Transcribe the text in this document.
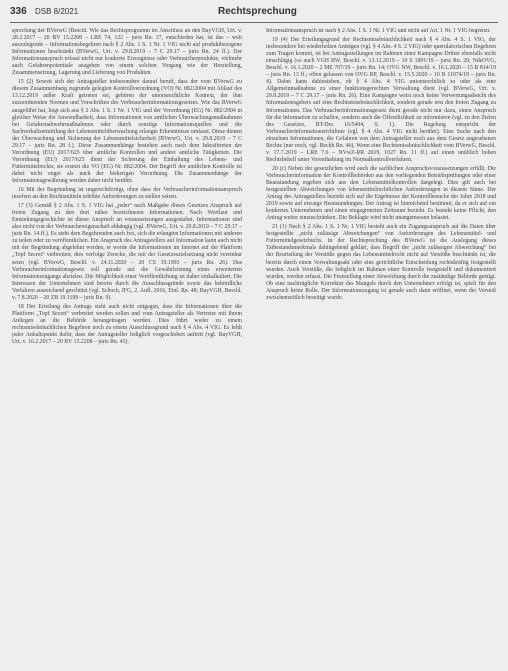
336 DSB 8/2021	Rechtsprechung

sprechung der BVerwG (Beschl. Wie das Rechtsprogramm im Anschluss an den BayVGH, Urt. v. 28.2.2017 – 20 BV 15.2208 – LRE 74, 122 – juris Rn. 37, entschieden hat, ist das – weit auszulegende – Informationsbegehren nach § 2 Abs. 1 S. 1 Nr. 1 VIG nicht auf produktbezogene Informationen beschränkt (BVerwG, Urt. v. 29.8.2019 – 7 C 29.17 – juris Rn. 24 ff.). Der Informationsanspruch erfasst nicht nur konkrete Erzeugnisse oder Verbraucherprodukte, vielmehr auch Gefahrenpotentiale ausgehen von einem solchen Vorgang wie der Herstellung, Zusammensetzung, Lagerung und Lieferung von Produkten.

15 (2) Soweit sich der Antragsteller insbesondere darauf beruft, dass der vom BVerwG zu diesem Zusammenhang zugrunde gelegten Kontrollverordnung (VO) Nr. 882/2004 mit Ablauf des 13.12.2019 außer Kraft getreten sei, gehören der unionsrechtliche Kontext, der ihm zuzuordnenden Normen und Vorschriften des Verbraucherinformationsgesetzes. Wie das BVerwG ausgeführt hat, liegt sich aus § 2 Abs. 1 S. 1 Nr. 1 VIG und der Verordnung (EG) Nr. 882/2004 in gleicher Weise die Anwendbarkeit, dass Informationen von amtlichen Überwachungsmaßnahmen bei Gefahrenabwehrmaßnahmen oder durch sonstige Informationsquellen und die Sachverhaltsermittlung der Lebensmittelüberwachung erlangte Erkenntnisse umfasst. Diese dienen der Überwachung und Sicherung der Lebensmittelsicherheit (BVerwG, Urt. v. 29.8.2019 – 7 C 29.17 – juris Rn. 28 f.). Diese Zusammenhänge bestehen auch nach dem Inkrafttreten der Verordnung (EU) 2017/625 über amtliche Kontrollen und andere amtliche Tätigkeiten. Die Verordnung (EU) 2017/625 dient der Sicherung der Einhaltung des Lebens- und Futtermittelrechts; sie ersetzt die VO (EG) Nr. 882/2004. Der Begriff der amtlichen Kontrolle ist dabei nicht enger als nach der bisherigen Verordnung. Die Zusammenhänge der Informationsgewährung werden daher nicht berührt.

16 Mit der Begründung ist ungerechtfertigt, ohne dass der Verbraucherinformationsanspruch insofern an den Rechtsmitteln erhöhte Anforderungen zu stellen wären.

17 (3) Gemäß § 2 Abs. 1 S. 1 VIG hat „jeder“ nach Maßgabe dieses Gesetzes Anspruch auf freien Zugang zu den dort näher bezeichneten Informationen. Nach Wortlaut und Entstehungsgeschichte ist dieser Anspruch an voraussetzungen ausgestaltet. Informationen sind also nicht von der Verbrauchereigenschaft abhängig (vgl. BVerwG, Urt. v. 29.8.2019 – 7 C 29.17 – juris Rn. 14 ff.). Es steht dem Begehrenden auch frei, sich die erlangten Informationen mit anderen zu teilen oder zu veröffentlichen. Ein Anspruch des Antragstellers auf Information kann auch nicht mit der Begründung abgelehnt werden, er werde die Informationen im Internet auf der Plattform „Topf Secret“ verbreiten; dies verfolge Zwecke, die mit der Gesetzeszielsetzung nicht vereinbar seien (vgl. BVerwG, Beschl. v. 24.11.2020 – 20 CS 19.1993 – juris Rn. 26). Das Verbraucherinformationsgesetz soll gerade auf die Gewährleistung eines erweiterten Informationszugangs abzielen. Die Möglichkeit einer Veröffentlichung ist daher einkalkuliert. Die Interessen der Unternehmen sind bereits durch die Ausschlussgründe sowie das behördliche Verfahren ausreichend geschützt (vgl. Schoch, IFG, 2. Aufl. 2016, Einl. Rn. 48; BayVGH, Beschl. v. 7.8.2020 – 20 ZB 19.1199 – juris Rn. 9).

18 Der Erteilung des Antrags steht auch nicht entgegen, dass die Informationen über die Plattform „Topf Secret“ verbreitet werden sollen und vom Antragsteller als Vertreter mit ihrem Anliegen an die Behörde herangetragen werden. Dies führt weder zu einem rechtsmissbräuchlichen Begehren noch zu einem Ausschlussgrund nach § 4 Abs. 4 VIG. Es fehlt jeder Anhaltspunkt dafür, dass der Antragsteller lediglich vorgeschoben auftritt (vgl. BayVGH, Urt. v. 16.2.2017 – 20 BV 15.2208 – juris Rn. 43).

Informationsanspruch ist nach § 2 Abs. 1 S. 1 Nr. 1 VIG und nicht auf Art. 1 Nr. 1 VIG begrenzt.

19 (4) Der Erteilungsgrund der Rechtsmissbräuchlichkeit nach § 4 Abs. 4 S. 1 VIG, der insbesondere bei wiederholten Anträgen (vgl. § 4 Abs. 4 S. 2 VIG) oder querulatorischen Begehren zum Tragen kommt, ist bei Antragsstellungen im Rahmen einer Kampagne Dritter ebenfalls nicht einschlägig (so auch VGH BW, Beschl. v. 13.12.2019 – 10 S 1891/19 – juris Rn. 20; NdsOVG, Beschl. v. 16.1.2020 – 2 ME 707/19 – juris Rn. 14; OVG NW, Beschl. v. 16.1.2020 – 15 B 814/19 – juris Rn. 13 ff.; offen gelassen von OVG RP, Beschl. v. 15.5.2020 – 10 B 11074/19 – juris Rn. 4). Dabei kann dahinstehen, ob § 4 Abs. 4 VIG unionsrechtlich so oder als eine Allgemeinmaßnahme zu einer funktionsgerechten Verwaltung dient (vgl. BVerwG, Urt. v. 29.8.2019 – 7 C 29.17 – juris Rn. 26). Eine Kampagne weist noch keine Verwertungsabsicht des Informationsgebers auf eine Rechtsmissbräuchlichkeit, sondern gerade erst den freien Zugang zu Informationen. Das Verbraucherinformationsgesetz dient gerade nicht nur dazu, einen Anspruch für die Information zu schaffen, sondern auch die Öffentlichkeit zu informieren (vgl. zu den Zielen des Gesetzes, BT-Drs. 16/5404, S. 1). Die Regelung entspricht der Verbraucherinformationsrichtlinie (vgl. § 4 Abs. 4 VIG nicht berührt). Eine Suche nach den einzelnen Informationen, die Gefahren von dem Antragsteller noch aus dem Gesetz angesehenen Rechte (nur noch, vgl. Beckh Rn. 46). Wenn eine Rechtsmissbräuchlichkeit vom BVerwG, Beschl. v. 17.7.2019 – LRE 7.6 – NVwZ-RR 2019, 1027 Rn. 11 ff.) auf einen unüblich hohen Rechtsbehelf unter Vorenthaltung im Normalkontrollverfahren.

20 (c) Neben der gesetzlichen wird auch die sachlichen Anspruchsvoraussetzungen erfüllt. Die Verbraucherinformation der Kontrollbehörden aus den vorliegenden Betriebsprüfungen oder einer Beanstandung ergeben sich aus den Lebensmittelkontrollen dargelegt. Dies gilt auch bei festgestellten Abweichungen von lebensmittelrechtlichen Anforderungen in diesem Sinne. Der Antrag des Antragstellers bezieht sich auf die Ergebnisse der Kontrollbesuche der Jahre 2018 und 2019 sowie auf etwaige Beanstandungen. Der Antrag ist hinreichend bestimmt, da er sich auf ein konkretes Unternehmen und einen eingegrenzten Zeitraum bezieht. Es besteht keine Pflicht, den Antrag weiter einzuschränken. Die Beklagte wird nicht unangemessen belastet.

21 (1) Nach § 2 Abs. 1 S. 1 Nr. 1 VIG besteht auch ein Zugangsanspruch auf die Daten über festgestellte „nicht zulässige Abweichungen“ von Anforderungen des Lebensmittel- und Futtermittelgesetzbuchs. In der Rechtsprechung des BVerwG ist die Auslegung dieses Tatbestandsmerkmals dahingehend geklärt, dass Begriff der „nicht zulässigen Abweichung“ bei der Beurteilung der Verstöße gegen das Lebensmittelrecht nicht auf Verstöße beschränkt ist, die bereits durch einen Verwaltungsakt oder eine gerichtliche Entscheidung rechtskräftig festgestellt wurden. Auch Verstöße, die lediglich im Rahmen einer Kontrolle festgestellt und dokumentiert wurden, werden erfasst. Die Feststellung einer Abweichung durch die zuständige Behörde genügt. Ob eine nachträgliche Korrektur des Mangels durch den Unternehmer erfolgt ist, spielt für den Anspruch keine Rolle. Der Informationszugang ist gerade auch dann eröffnet, wenn der Verstoß zwischenzeitlich beseitigt wurde.
